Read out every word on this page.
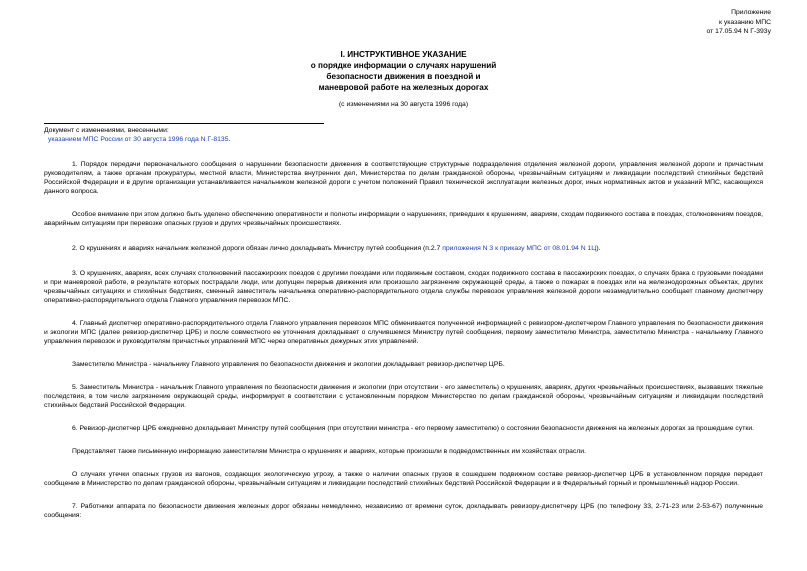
Приложение
к указанию МПС
от 17.05.94 N Г-393у
I. ИНСТРУКТИВНОЕ УКАЗАНИЕ
о порядке информации о случаях нарушений
безопасности движения в поездной и
маневровой работе на железных дорогах
(с изменениями на 30 августа 1996 года)
Документ с изменениями, внесенными:
указанием МПС России от 30 августа 1996 года N Г-8135.

1. Порядок передачи первоначального сообщения о нарушении безопасности движения в соответствующие структурные подразделения отделения железной дороги, управления железной дороги и причастным руководителям, а также органам прокуратуры, местной власти, Министерства внутренних дел, Министерства по делам гражданской обороны, чрезвычайным ситуациям и ликвидации последствий стихийных бедствий Российской Федерации и в другие организации устанавливается начальником железной дороги с учетом положений Правил технической эксплуатации железных дорог, иных нормативных актов и указаний МПС, касающихся данного вопроса.

Особое внимание при этом должно быть уделено обеспечению оперативности и полноты информации о нарушениях, приведших к крушениям, авариям, сходам подвижного состава в поездах, столкновениям поездов, аварийным ситуациям при перевозке опасных грузов и других чрезвычайных происшествиях.

2. О крушениях и авариях начальник железной дороги обязан лично докладывать Министру путей сообщения (п.2.7 приложения N 3 к приказу МПС от 08.01.94 N 1Ц).

3. О крушениях, авариях, всех случаях столкновений пассажирских поездов с другими поездами или подвижным составом, сходах подвижного состава в пассажирских поездах, о случаях брака с грузовыми поездами и при маневровой работе, в результате которых пострадали люди, или допущен перерыв движения или произошло загрязнение окружающей среды, а также о пожарах в поездах или на железнодорожных объектах, других чрезвычайных ситуациях и стихийных бедствиях, сменный заместитель начальника оперативно-распорядительного отдела службы перевозок управления железной дороги незамедлительно сообщает главному диспетчеру оперативно-распорядительного отдела Главного управления перевозок МПС.

4. Главный диспетчер оперативно-распорядительного отдела Главного управления перевозок МПС обменивается полученной информацией с ревизором-диспетчером Главного управления по безопасности движения и экологии МПС (далее ревизор-диспетчер ЦРБ) и после совместного ее уточнения докладывает о случившемся Министру путей сообщения, первому заместителю Министра, заместителю Министра - начальнику Главного управления перевозок и руководителям причастных управлений МПС через оперативных дежурных этих управлений.

Заместителю Министра - начальнику Главного управления по безопасности движения и экологии докладывает ревизор-диспетчер ЦРБ.

5. Заместитель Министра - начальник Главного управления по безопасности движения и экологии (при отсутствии - его заместитель) о крушениях, авариях, других чрезвычайных происшествиях, вызвавших тяжелые последствия, в том числе загрязнение окружающей среды, информирует в соответствии с установленным порядком Министерство по делам гражданской обороны, чрезвычайным ситуациям и ликвидации последствий стихийных бедствий Российской Федерации.

6. Ревизор-диспетчер ЦРБ ежедневно докладывает Министру путей сообщения (при отсутствии министра - его первому заместителю) о состоянии безопасности движения на железных дорогах за прошедшие сутки.

Представляет также письменную информацию заместителям Министра о крушениях и авариях, которые произошли в подведомственных им хозяйствах отрасли.

О случаях утечки опасных грузов из вагонов, создающих экологическую угрозу, а также о наличии опасных грузов в сошедшем подвижном составе ревизор-диспетчер ЦРБ в установленном порядке передает сообщение в Министерство по делам гражданской обороны, чрезвычайным ситуациям и ликвидации последствий стихийных бедствий Российской Федерации и в Федеральный горный и промышленный надзор России.

7. Работники аппарата по безопасности движения железных дорог обязаны немедленно, независимо от времени суток, докладывать ревизору-диспетчеру ЦРБ (по телефону 33, 2-71-23 или 2-53-67) полученные сообщения:
